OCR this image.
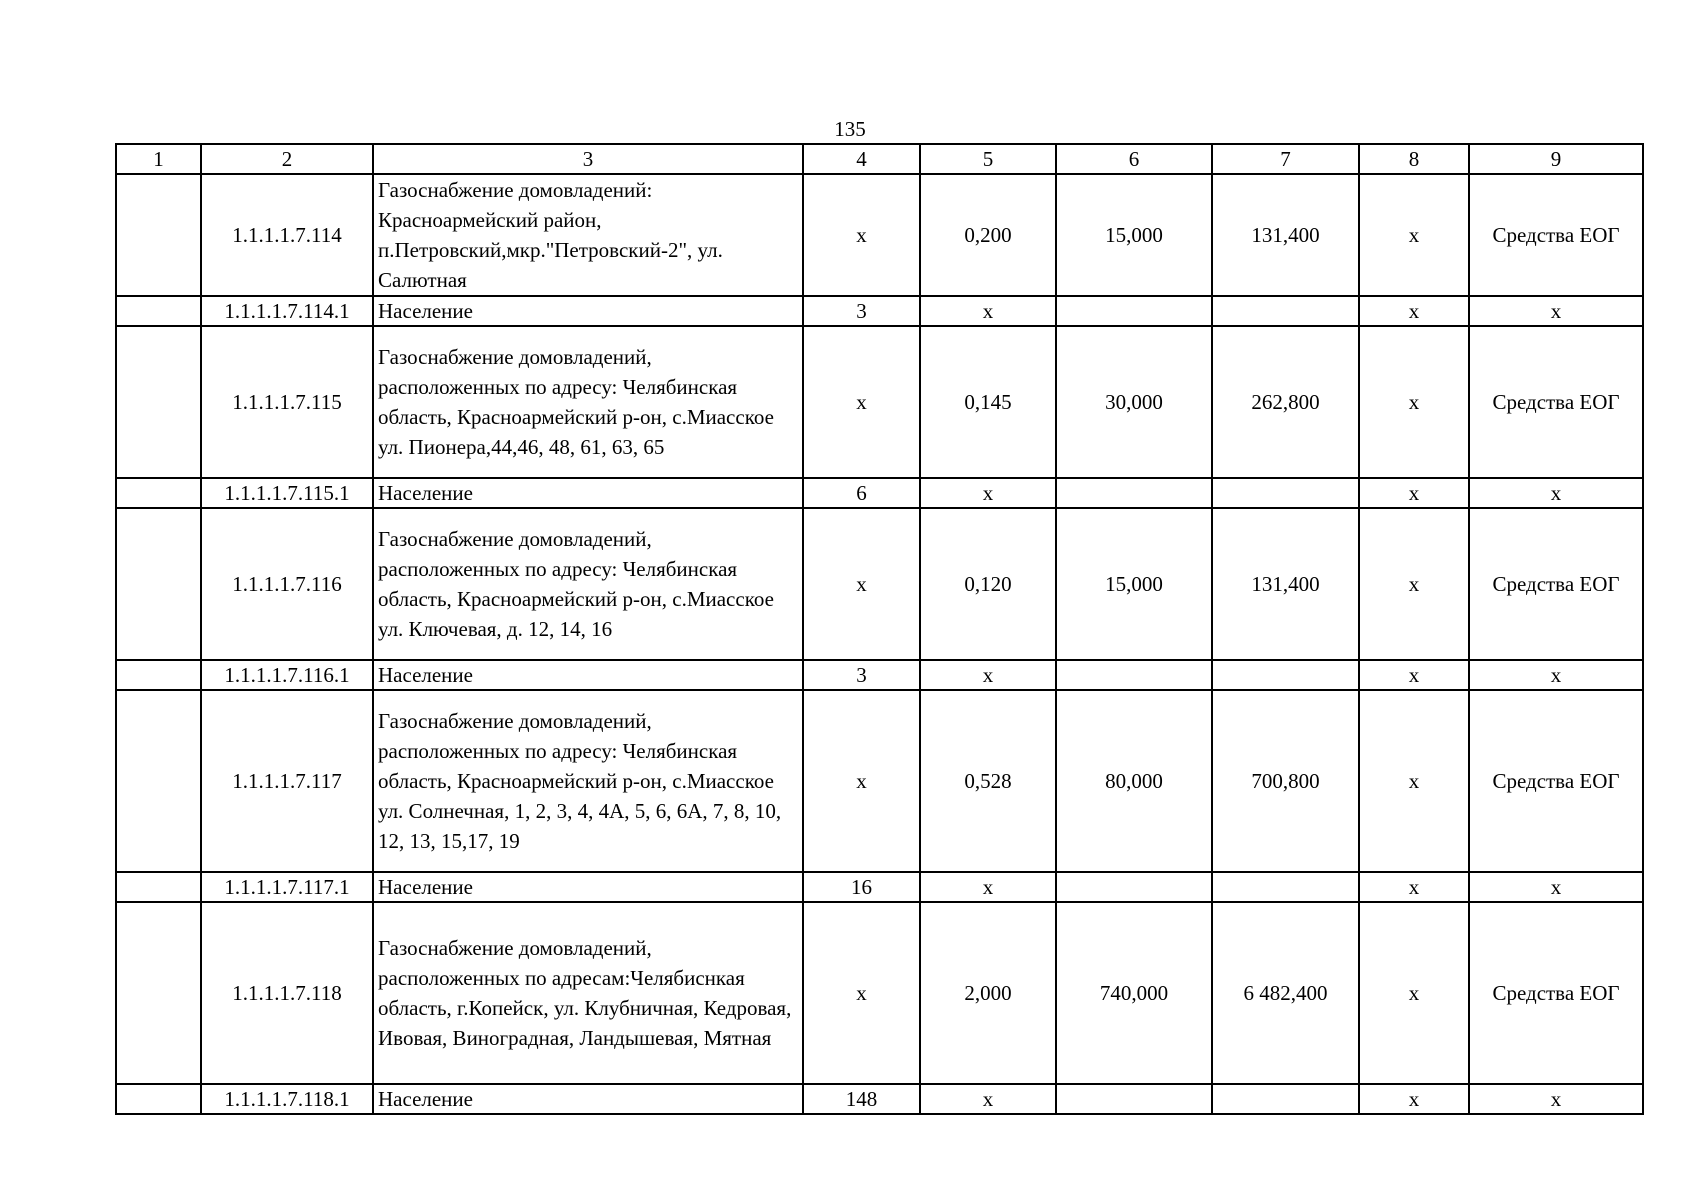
135
1	2	3	4	5	6	7	8	9
	1.1.1.1.7.114	Газоснабжение домовладений: Красноармейский район, п.Петровский,мкр."Петровский-2", ул. Салютная	х	0,200	15,000	131,400	х	Средства ЕОГ
	1.1.1.1.7.114.1	Население	3	х			х	х
	1.1.1.1.7.115	Газоснабжение домовладений, расположенных по адресу: Челябинская область, Красноармейский р-он, с.Миасское ул. Пионера,44,46, 48, 61, 63, 65	х	0,145	30,000	262,800	х	Средства ЕОГ
	1.1.1.1.7.115.1	Население	6	х			х	х
	1.1.1.1.7.116	Газоснабжение домовладений, расположенных по адресу: Челябинская область, Красноармейский р-он, с.Миасское ул. Ключевая, д. 12, 14, 16	х	0,120	15,000	131,400	х	Средства ЕОГ
	1.1.1.1.7.116.1	Население	3	х			х	х
	1.1.1.1.7.117	Газоснабжение домовладений, расположенных по адресу: Челябинская область, Красноармейский р-он, с.Миасское ул. Солнечная, 1, 2, 3, 4, 4А, 5, 6, 6А, 7, 8, 10, 12, 13, 15,17, 19	х	0,528	80,000	700,800	х	Средства ЕОГ
	1.1.1.1.7.117.1	Население	16	х			х	х
	1.1.1.1.7.118	Газоснабжение домовладений, расположенных по адресам:Челябиснкая область, г.Копейск, ул. Клубничная, Кедровая, Ивовая, Виноградная, Ландышевая, Мятная	х	2,000	740,000	6 482,400	х	Средства ЕОГ
	1.1.1.1.7.118.1	Население	148	х			х	х
